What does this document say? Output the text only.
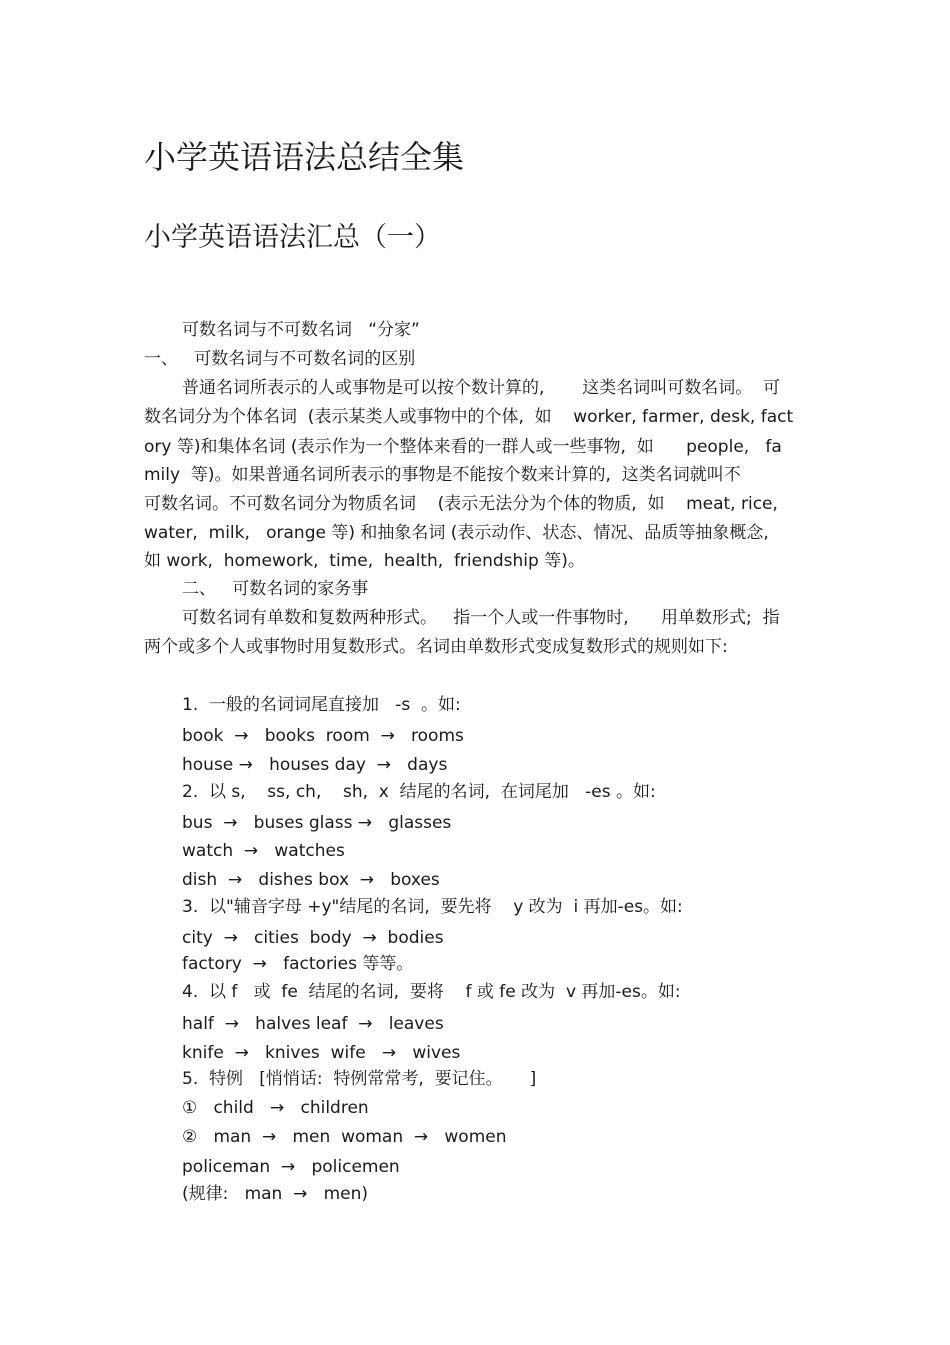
小学英语语法总结全集
小学英语语法汇总（一）

可数名词与不可数名词   “分家”

一、   可数名词与不可数名词的区别

普通名词所表示的人或事物是可以按个数计算的,       这类名词叫可数名词。  可

数名词分为个体名词  (表示某类人或事物中的个体,  如    worker, farmer, desk, fact

ory 等)和集体名词 (表示作为一个整体来看的一群人或一些事物,  如      people,   fa

mily  等)。如果普通名词所表示的事物是不能按个数来计算的,  这类名词就叫不

可数名词。不可数名词分为物质名词    (表示无法分为个体的物质,  如    meat, rice,

water,  milk,   orange 等) 和抽象名词 (表示动作、状态、情况、品质等抽象概念,

如 work,  homework,  time,  health,  friendship 等)。

二、   可数名词的家务事

可数名词有单数和复数两种形式。   指一个人或一件事物时,      用单数形式;  指

两个或多个人或事物时用复数形式。名词由单数形式变成复数形式的规则如下:

1.  一般的名词词尾直接加   -s  。如:

book  →   books  room  →   rooms

house →   houses day  →   days

2.  以 s,    ss, ch,    sh,  x  结尾的名词,  在词尾加   -es 。如:

bus  →   buses glass →   glasses

watch  →   watches

dish  →   dishes box  →   boxes

3.  以"辅音字母 +y"结尾的名词,  要先将    y 改为  i 再加-es。如:

city  →   cities  body  →  bodies

factory  →   factories 等等。

4.  以 f   或  fe  结尾的名词,  要将    f 或 fe 改为  v 再加-es。如:

half  →   halves leaf  →   leaves

knife  →   knives  wife   →   wives

5.  特例   [悄悄话:  特例常常考,  要记住。     ]

①   child   →   children

②   man  →   men  woman  →   women

policeman  →   policemen

(规律:   man  →   men)
